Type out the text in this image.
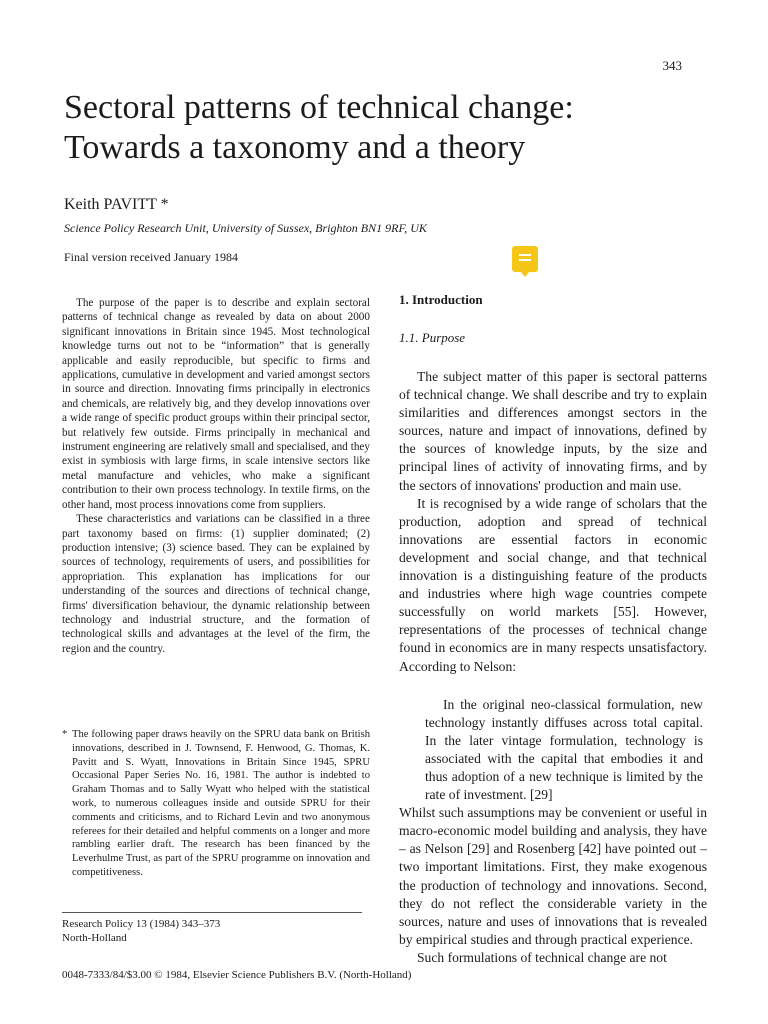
343
Sectoral patterns of technical change:
Towards a taxonomy and a theory
Keith PAVITT *
Science Policy Research Unit, University of Sussex, Brighton BN1 9RF, UK
Final version received January 1984

The purpose of the paper is to describe and explain sectoral patterns of technical change as revealed by data on about 2000 significant innovations in Britain since 1945. Most technological knowledge turns out not to be “information” that is generally applicable and easily reproducible, but specific to firms and applications, cumulative in development and varied amongst sectors in source and direction. Innovating firms principally in electronics and chemicals, are relatively big, and they develop innovations over a wide range of specific product groups within their principal sector, but relatively few outside. Firms principally in mechanical and instrument engineering are relatively small and specialised, and they exist in symbiosis with large firms, in scale intensive sectors like metal manufacture and vehicles, who make a significant contribution to their own process technology. In textile firms, on the other hand, most process innovations come from suppliers.

These characteristics and variations can be classified in a three part taxonomy based on firms: (1) supplier dominated; (2) production intensive; (3) science based. They can be explained by sources of technology, requirements of users, and possibilities for appropriation. This explanation has implications for our understanding of the sources and directions of technical change, firms' diversification behaviour, the dynamic relationship between technology and industrial structure, and the formation of technological skills and advantages at the level of the firm, the region and the country.

* The following paper draws heavily on the SPRU data bank on British innovations, described in J. Townsend, F. Henwood, G. Thomas, K. Pavitt and S. Wyatt, Innovations in Britain Since 1945, SPRU Occasional Paper Series No. 16, 1981. The author is indebted to Graham Thomas and to Sally Wyatt who helped with the statistical work, to numerous colleagues inside and outside SPRU for their comments and criticisms, and to Richard Levin and two anonymous referees for their detailed and helpful comments on a longer and more rambling earlier draft. The research has been financed by the Leverhulme Trust, as part of the SPRU programme on innovation and competitiveness.

Research Policy 13 (1984) 343–373
North-Holland
0048-7333/84/$3.00 © 1984, Elsevier Science Publishers B.V. (North-Holland)
1. Introduction
1.1. Purpose

The subject matter of this paper is sectoral patterns of technical change. We shall describe and try to explain similarities and differences amongst sectors in the sources, nature and impact of innovations, defined by the sources of knowledge inputs, by the size and principal lines of activity of innovating firms, and by the sectors of innovations' production and main use.

It is recognised by a wide range of scholars that the production, adoption and spread of technical innovations are essential factors in economic development and social change, and that technical innovation is a distinguishing feature of the products and industries where high wage countries compete successfully on world markets [55]. However, representations of the processes of technical change found in economics are in many respects unsatisfactory. According to Nelson:

In the original neo-classical formulation, new technology instantly diffuses across total capital. In the later vintage formulation, technology is associated with the capital that embodies it and thus adoption of a new technique is limited by the rate of investment. [29]

Whilst such assumptions may be convenient or useful in macro-economic model building and analysis, they have – as Nelson [29] and Rosenberg [42] have pointed out – two important limitations. First, they make exogenous the production of technology and innovations. Second, they do not reflect the considerable variety in the sources, nature and uses of innovations that is revealed by empirical studies and through practical experience.

Such formulations of technical change are not
